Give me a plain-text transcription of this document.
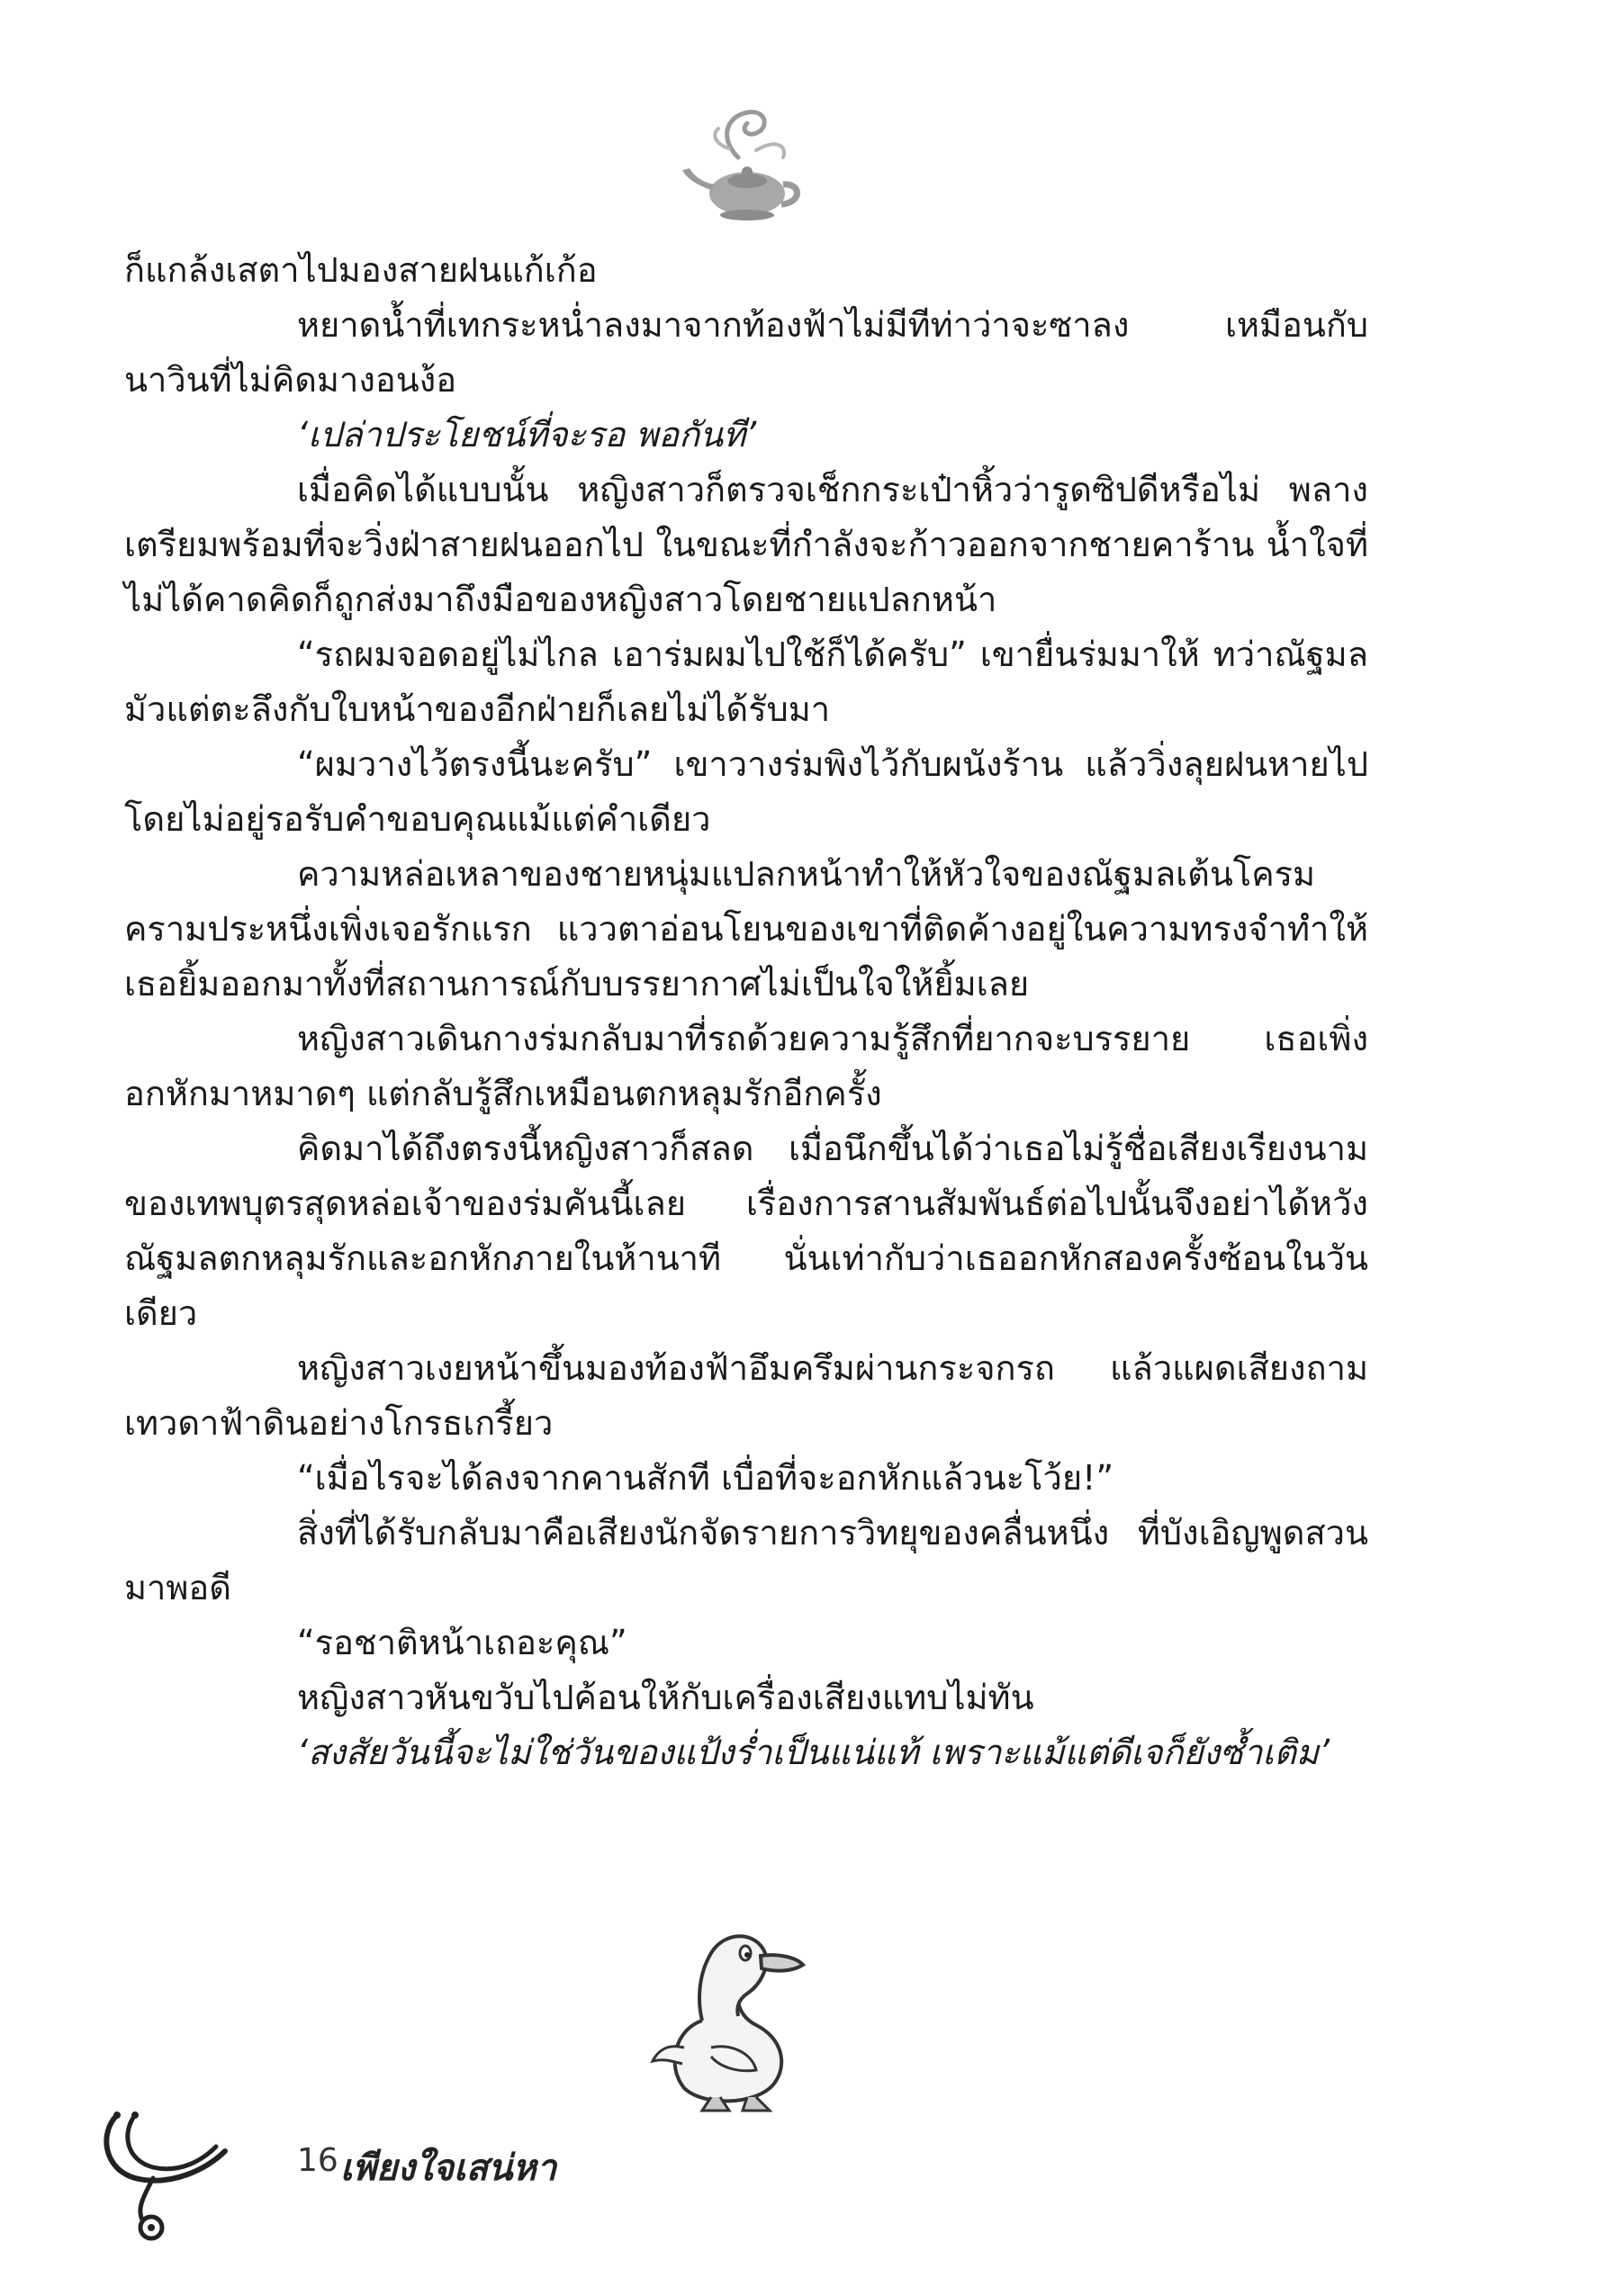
ก็แกล้งเสตาไปมองสายฝนแก้เก้อ

หยาดน้ำที่เทกระหน่ำลงมาจากท้องฟ้าไม่มีทีท่าว่าจะซาลง เหมือนกับนาวินที่ไม่คิดมางอนง้อ

‘เปล่าประโยชน์ที่จะรอ พอกันที’

เมื่อคิดได้แบบนั้น หญิงสาวก็ตรวจเช็กกระเป๋าหิ้วว่ารูดซิปดีหรือไม่ พลางเตรียมพร้อมที่จะวิ่งฝ่าสายฝนออกไป ในขณะที่กำลังจะก้าวออกจากชายคาร้าน น้ำใจที่ไม่ได้คาดคิดก็ถูกส่งมาถึงมือของหญิงสาวโดยชายแปลกหน้า

“รถผมจอดอยู่ไม่ไกล เอาร่มผมไปใช้ก็ได้ครับ” เขายื่นร่มมาให้ ทว่าณัฐมลมัวแต่ตะลึงกับใบหน้าของอีกฝ่ายก็เลยไม่ได้รับมา

“ผมวางไว้ตรงนี้นะครับ” เขาวางร่มพิงไว้กับผนังร้าน แล้ววิ่งลุยฝนหายไปโดยไม่อยู่รอรับคำขอบคุณแม้แต่คำเดียว

ความหล่อเหลาของชายหนุ่มแปลกหน้าทำให้หัวใจของณัฐมลเต้นโครมครามประหนึ่งเพิ่งเจอรักแรก แววตาอ่อนโยนของเขาที่ติดค้างอยู่ในความทรงจำทำให้เธอยิ้มออกมาทั้งที่สถานการณ์กับบรรยากาศไม่เป็นใจให้ยิ้มเลย

หญิงสาวเดินกางร่มกลับมาที่รถด้วยความรู้สึกที่ยากจะบรรยาย เธอเพิ่งอกหักมาหมาดๆ แต่กลับรู้สึกเหมือนตกหลุมรักอีกครั้ง

คิดมาได้ถึงตรงนี้หญิงสาวก็สลด เมื่อนึกขึ้นได้ว่าเธอไม่รู้ชื่อเสียงเรียงนามของเทพบุตรสุดหล่อเจ้าของร่มคันนี้เลย เรื่องการสานสัมพันธ์ต่อไปนั้นจึงอย่าได้หวังณัฐมลตกหลุมรักและอกหักภายในห้านาที นั่นเท่ากับว่าเธออกหักสองครั้งซ้อนในวันเดียว

หญิงสาวเงยหน้าขึ้นมองท้องฟ้าอึมครึมผ่านกระจกรถ แล้วแผดเสียงถามเทวดาฟ้าดินอย่างโกรธเกรี้ยว

“เมื่อไรจะได้ลงจากคานสักที เบื่อที่จะอกหักแล้วนะโว้ย!”

สิ่งที่ได้รับกลับมาคือเสียงนักจัดรายการวิทยุของคลื่นหนึ่ง ที่บังเอิญพูดสวนมาพอดี

“รอชาติหน้าเถอะคุณ”

หญิงสาวหันขวับไปค้อนให้กับเครื่องเสียงแทบไม่ทัน

‘สงสัยวันนี้จะไม่ใช่วันของแป้งร่ำเป็นแน่แท้ เพราะแม้แต่ดีเจก็ยังซ้ำเติม’

16 เพียงใจเสน่หา
